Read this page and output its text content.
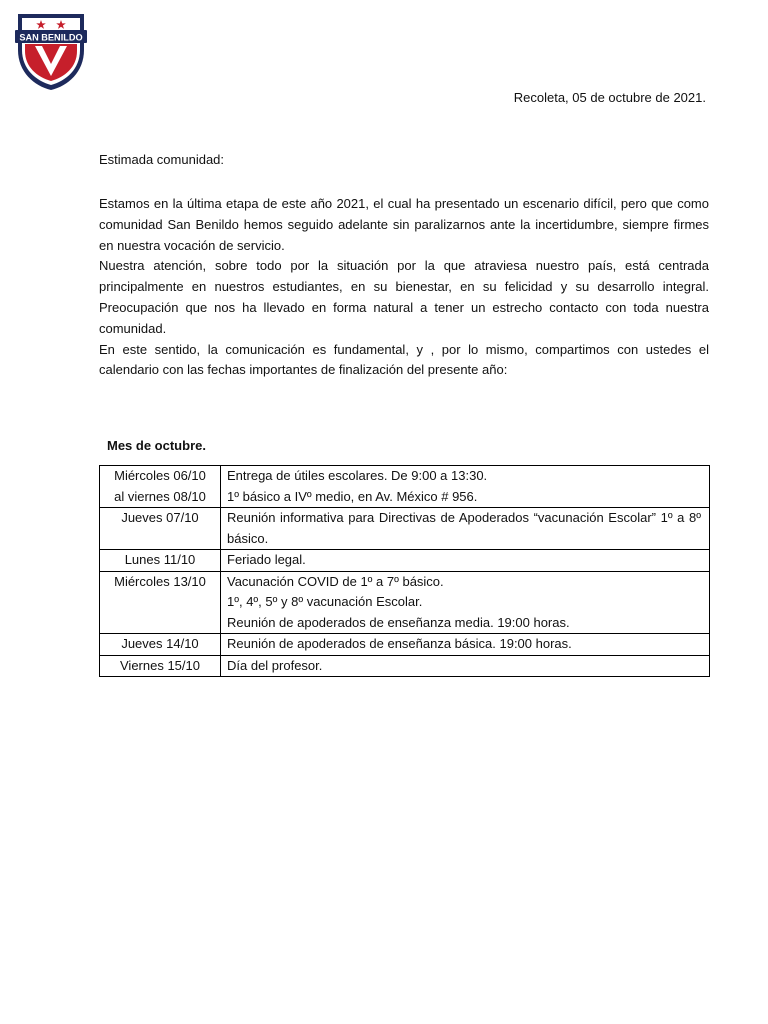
SAN BENILDO
Recoleta, 05 de octubre de 2021.
Estimada comunidad:

Estamos en la última etapa de este año 2021, el cual ha presentado un escenario difícil, pero que como comunidad San Benildo hemos seguido adelante sin paralizarnos ante la incertidumbre, siempre firmes en nuestra vocación de servicio.

Nuestra atención, sobre todo por la situación por la que atraviesa nuestro país, está centrada principalmente en nuestros estudiantes, en su bienestar, en su felicidad y su desarrollo integral. Preocupación que nos ha llevado en forma natural a tener un estrecho contacto con toda nuestra comunidad.

En este sentido, la comunicación es fundamental, y , por lo mismo, compartimos con ustedes el calendario con las fechas importantes de finalización del presente año:

Mes de octubre.
Miércoles 06/10
al viernes 08/10	Entrega de útiles escolares. De 9:00 a 13:30.
1º básico a IVº medio, en Av. México # 956.

Jueves 07/10	Reunión informativa para Directivas de Apoderados “vacunación Escolar” 1º a 8º básico.

Lunes 11/10	Feriado legal.

Miércoles 13/10	Vacunación COVID de 1º a 7º básico.
1º, 4º, 5º y 8º vacunación Escolar.
Reunión de apoderados de enseñanza media. 19:00 horas.

Jueves 14/10	Reunión de apoderados de enseñanza básica. 19:00 horas.

Viernes 15/10	Día del profesor.
